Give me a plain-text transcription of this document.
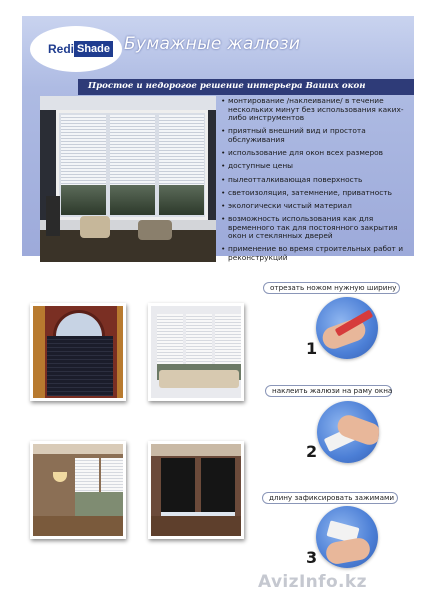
Redi Shade Бумажные жалюзи
Простое и недорогое решение интерьера Ваших окон
• монтирование /наклеивание/ в течение нескольких минут без использования каких-либо инструментов
• приятный внешний вид и простота обслуживания
• использование для окон всех размеров
• доступные цены
• пылеотталкивающая поверхность
• светоизоляция, затемнение, приватность
• экологически чистый материал
• возможность использования как для временного так для постоянного закрытия окон и стеклянных дверей
• применение во время строительных работ и реконструкций
отрезать ножом нужную ширину
1
наклеить жалюзи на раму окна
2
длину зафиксировать зажимами
3
AvizInfo.kz
